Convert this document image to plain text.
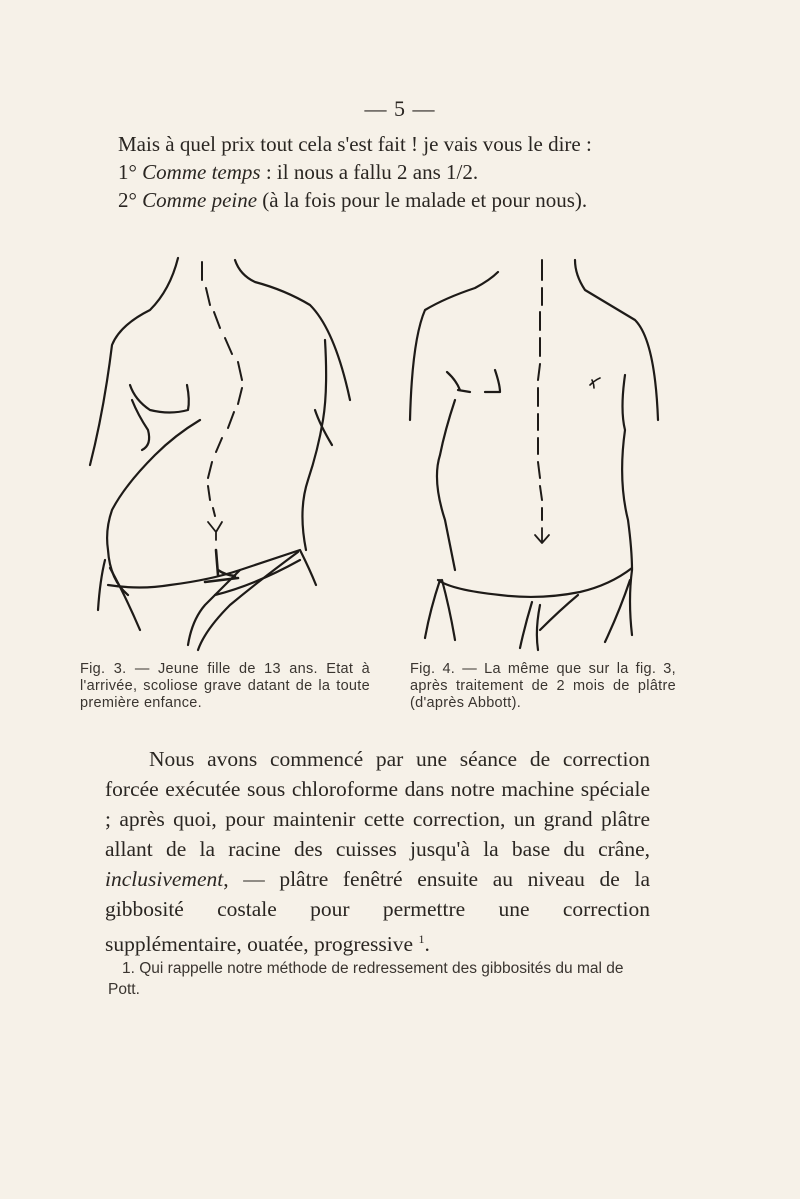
— 5 —

Mais à quel prix tout cela s'est fait ! je vais vous le dire :

1° Comme temps : il nous a fallu 2 ans 1/2.

2° Comme peine (à la fois pour le malade et pour nous).

Fig. 3. — Jeune fille de 13 ans. Etat à l'arrivée, scoliose grave datant de la toute première enfance.
Fig. 4. — La même que sur la fig. 3, après traitement de 2 mois de plâtre (d'après Abbott).

Nous avons commencé par une séance de correction forcée exécutée sous chloroforme dans notre machine spéciale ; après quoi, pour maintenir cette correction, un grand plâtre allant de la racine des cuisses jusqu'à la base du crâne, inclusivement, — plâtre fenêtré ensuite au niveau de la gibbosité costale pour permettre une correction supplémentaire, ouatée, progressive $^1$.

1. Qui rappelle notre méthode de redressement des gibbosités du mal de Pott.
